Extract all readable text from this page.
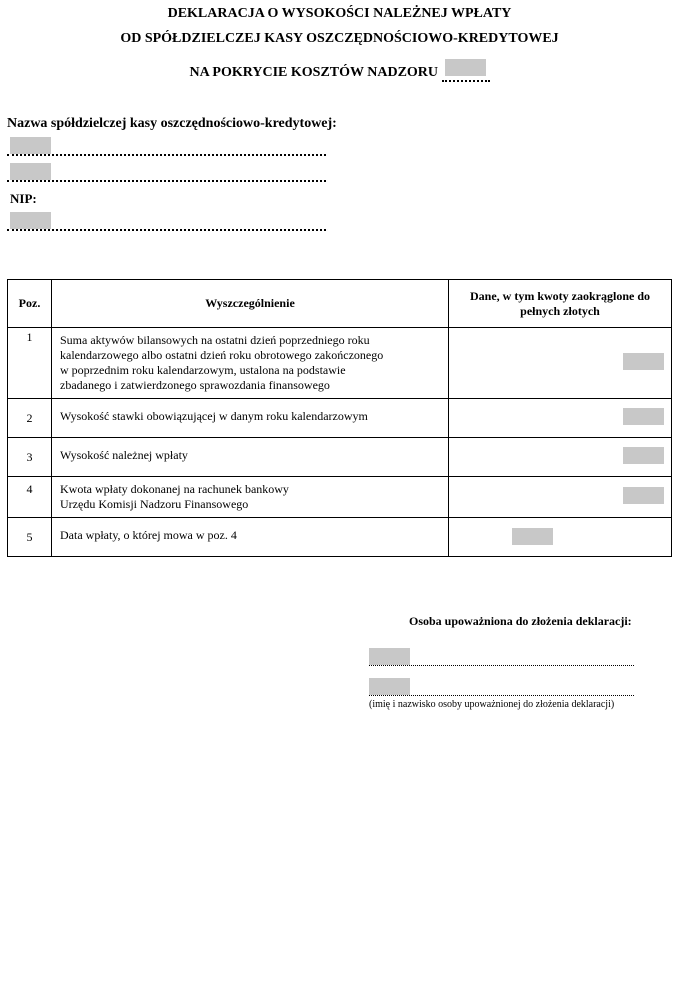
DEKLARACJA O WYSOKOŚCI NALEŻNEJ WPŁATY
OD SPÓŁDZIELCZEJ KASY OSZCZĘDNOŚCIOWO-KREDYTOWEJ
NA POKRYCIE KOSZTÓW NADZORU
Nazwa spółdzielczej kasy oszczędnościowo-kredytowej:
NIP:
Poz.	Wyszczególnienie	Dane, w tym kwoty zaokrąglone do pełnych złotych
1	Suma aktywów bilansowych na ostatni dzień poprzedniego roku kalendarzowego albo ostatni dzień roku obrotowego zakończonego w poprzednim roku kalendarzowym, ustalona na podstawie zbadanego i zatwierdzonego sprawozdania finansowego	

2	Wysokość stawki obowiązującej w danym roku kalendarzowym	

3	Wysokość należnej wpłaty	

4	Kwota wpłaty dokonanej na rachunek bankowy Urzędu Komisji Nadzoru Finansowego	

5	Data wpłaty, o której mowa w poz. 4	
Osoba upoważniona do złożenia deklaracji:
(imię i nazwisko osoby upoważnionej do złożenia deklaracji)
